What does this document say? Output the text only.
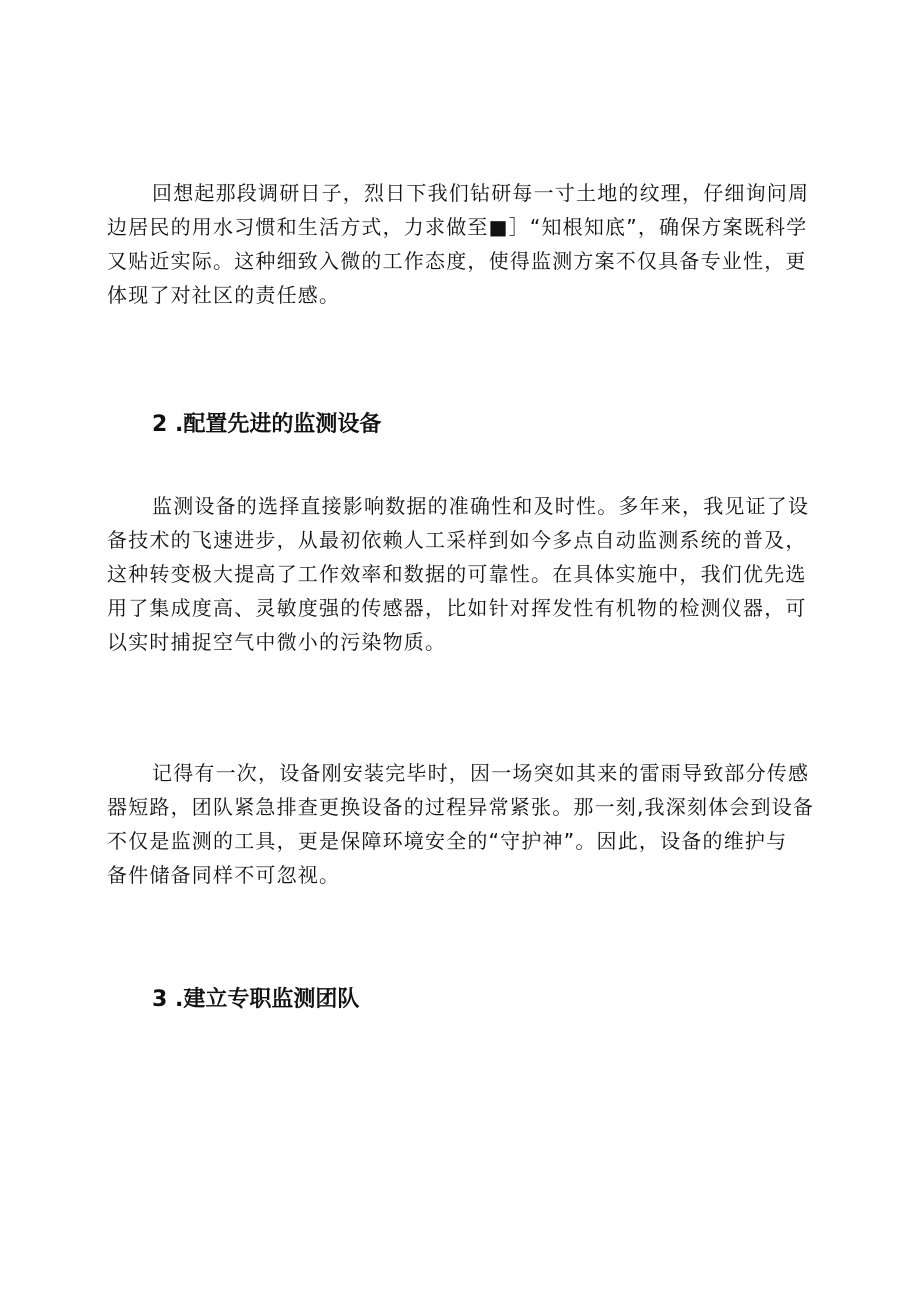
回想起那段调研日子，烈日下我们钻研每一寸土地的纹理，仔细询问周
边居民的用水习惯和生活方式，力求做至■］“知根知底”，确保方案既科学
又贴近实际。这种细致入微的工作态度，使得监测方案不仅具备专业性，更
体现了对社区的责任感。

2 .配置先进的监测设备

监测设备的选择直接影响数据的准确性和及时性。多年来，我见证了设
备技术的飞速进步，从最初依赖人工采样到如今多点自动监测系统的普及，
这种转变极大提高了工作效率和数据的可靠性。在具体实施中，我们优先选
用了集成度高、灵敏度强的传感器，比如针对挥发性有机物的检测仪器，可
以实时捕捉空气中微小的污染物质。

记得有一次，设备刚安装完毕时，因一场突如其来的雷雨导致部分传感
器短路，团队紧急排查更换设备的过程异常紧张。那一刻,我深刻体会到设备
不仅是监测的工具，更是保障环境安全的“守护神”。因此，设备的维护与
备件储备同样不可忽视。

3 .建立专职监测团队
